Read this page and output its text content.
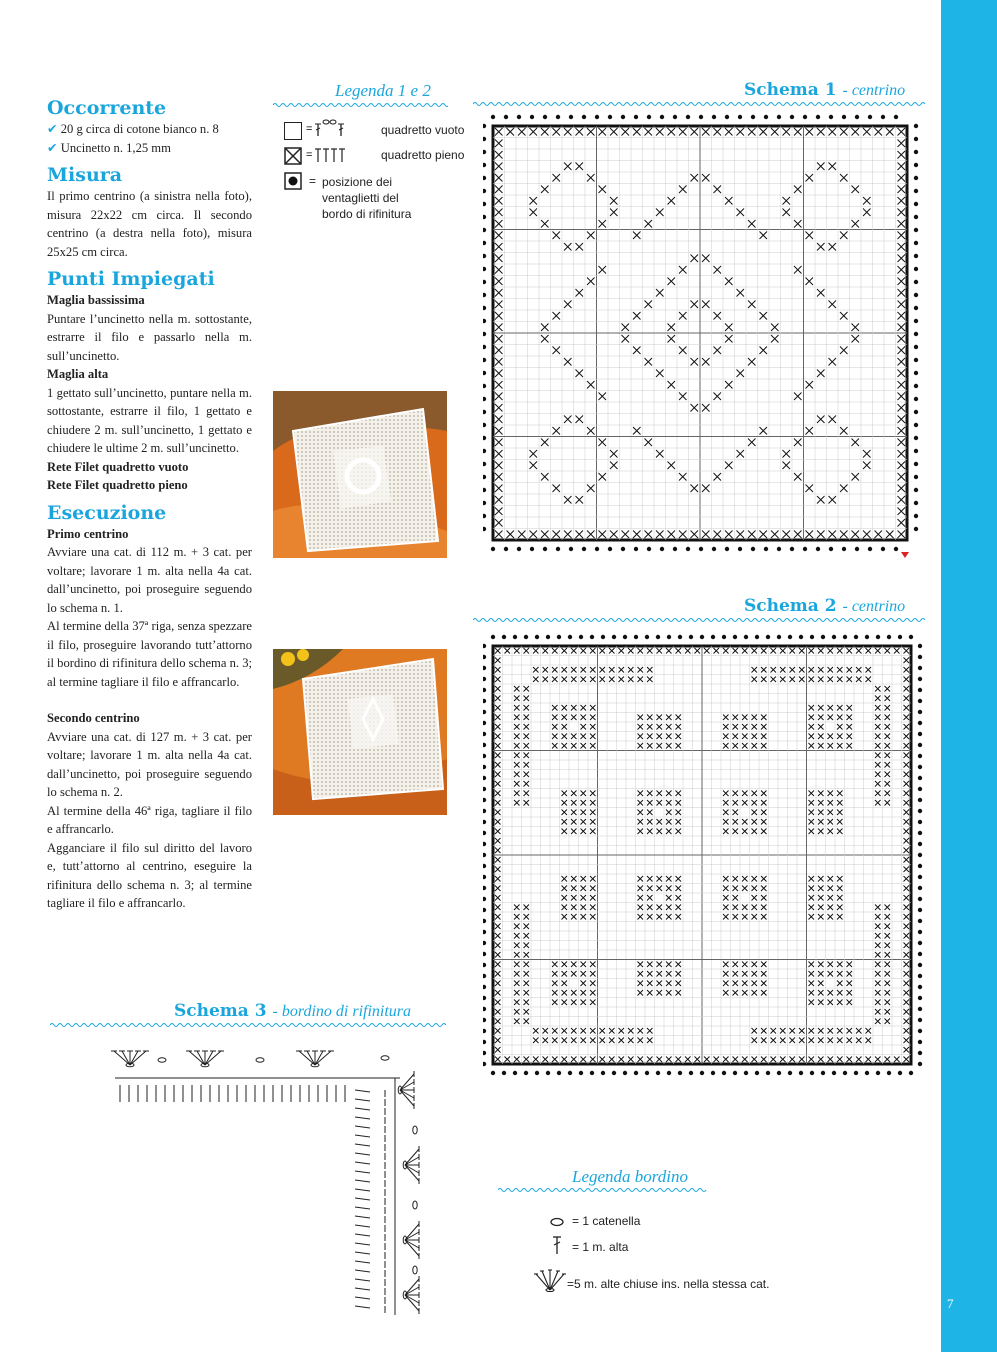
7
Occorrente

✔ 20 g circa di cotone bianco n. 8

✔ Uncinetto n. 1,25 mm

Misura

Il primo centrino (a sinistra nella foto), misura 22x22 cm circa. Il secondo centrino (a destra nella foto), misura 25x25 cm circa.

Punti Impiegati

Maglia bassissima

Puntare l’uncinetto nella m. sottostante, estrarre il filo e passarlo nella m. sull’uncinetto.

Maglia alta

1 gettato sull’uncinetto, puntare nella m. sottostante, estrarre il filo, 1 gettato e chiudere 2 m. sull’uncinetto, 1 gettato e chiudere le ultime 2 m. sull’uncinetto.

Rete Filet quadretto vuoto

Rete Filet quadretto pieno

Esecuzione

Primo centrino

Avviare una cat. di 112 m. + 3 cat. per voltare; lavorare 1 m. alta nella 4a cat. dall’uncinetto, poi proseguire seguendo lo schema n. 1.

Al termine della 37ª riga, senza spezzare il filo, proseguire lavorando tutt’attorno il bordino di rifinitura dello schema n. 3; al termine tagliare il filo e affrancarlo.

Secondo centrino

Avviare una cat. di 127 m. + 3 cat. per voltare; lavorare 1 m. alta nella 4a cat. dall’uncinetto, poi proseguire seguendo lo schema n. 2.

Al termine della 46ª riga, tagliare il filo e affrancarlo.

Agganciare il filo sul diritto del lavoro e, tutt’attorno al centrino, eseguire la rifinitura dello schema n. 3; al termine tagliare il filo e affrancarlo.

Legenda 1 e 2
=	quadretto vuoto
=	quadretto pieno
= posizione dei ventaglietti del bordo di rifinitura
Schema 1 - centrino
Schema 2 - centrino
Schema 3 - bordino di rifinitura
Legenda bordino
= 1 catenella
= 1 m. alta
=5 m. alte chiuse ins. nella stessa cat.
